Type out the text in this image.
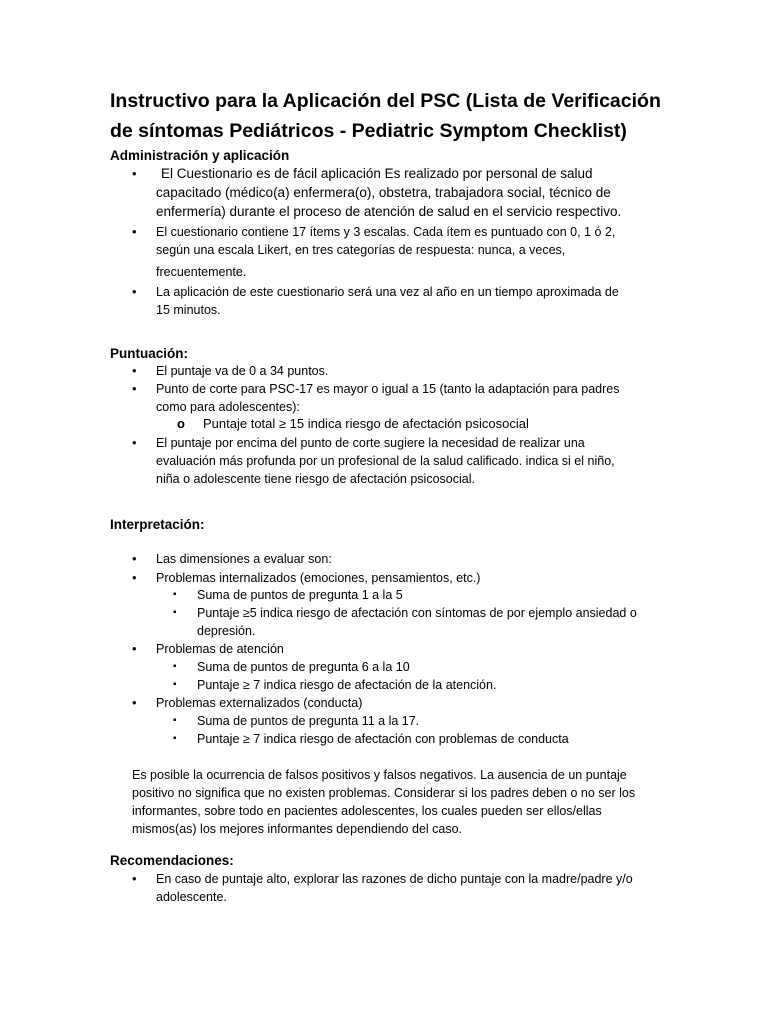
Instructivo para la Aplicación del PSC (Lista de Verificación de síntomas Pediátricos - Pediatric Symptom Checklist)
Administración y aplicación
• El Cuestionario es de fácil aplicación Es realizado por personal de salud
capacitado (médico(a) enfermera(o), obstetra, trabajadora social, técnico de
enfermería) durante el proceso de atención de salud en el servicio respectivo.
• El cuestionario contiene 17 ítems y 3 escalas. Cada ítem es puntuado con 0, 1 ó 2,
según una escala Likert, en tres categorías de respuesta: nunca, a veces,
frecuentemente.
• La aplicación de este cuestionario será una vez al año en un tiempo aproximada de
15 minutos.
Puntuación:
• El puntaje va de 0 a 34 puntos.
• Punto de corte para PSC-17 es mayor o igual a 15 (tanto la adaptación para padres
como para adolescentes):
o Puntaje total ≥ 15 indica riesgo de afectación psicosocial
• El puntaje por encima del punto de corte sugiere la necesidad de realizar una
evaluación más profunda por un profesional de la salud calificado. indica si el niño,
niña o adolescente tiene riesgo de afectación psicosocial.
Interpretación:
• Las dimensiones a evaluar son:
• Problemas internalizados (emociones, pensamientos, etc.)
▪ Suma de puntos de pregunta 1 a la 5
▪ Puntaje ≥5 indica riesgo de afectación con síntomas de por ejemplo ansiedad o
depresión.
• Problemas de atención
▪ Suma de puntos de pregunta 6 a la 10
▪ Puntaje ≥ 7 indica riesgo de afectación de la atención.
• Problemas externalizados (conducta)
▪ Suma de puntos de pregunta 11 a la 17.
▪ Puntaje ≥ 7 indica riesgo de afectación con problemas de conducta
Es posible la ocurrencia de falsos positivos y falsos negativos. La ausencia de un puntaje
positivo no significa que no existen problemas. Considerar si los padres deben o no ser los
informantes, sobre todo en pacientes adolescentes, los cuales pueden ser ellos/ellas
mismos(as) los mejores informantes dependiendo del caso.
Recomendaciones:
• En caso de puntaje alto, explorar las razones de dicho puntaje con la madre/padre y/o
adolescente.
